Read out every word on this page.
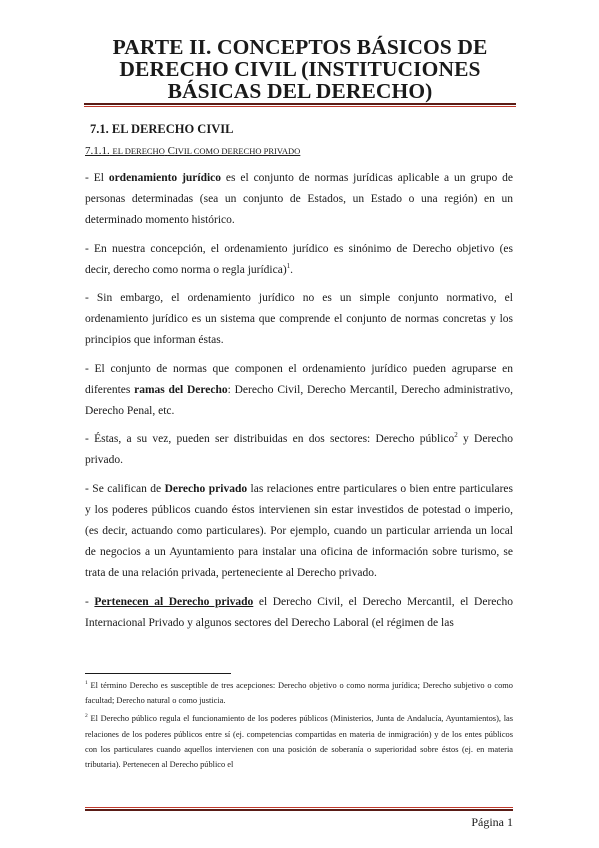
PARTE II. CONCEPTOS BÁSICOS DE
DERECHO CIVIL (INSTITUCIONES
BÁSICAS DEL DERECHO)
7.1. EL DERECHO CIVIL
7.1.1. EL DERECHO CIVIL COMO DERECHO PRIVADO

- El ordenamiento jurídico es el conjunto de normas jurídicas aplicable a un grupo de personas determinadas (sea un conjunto de Estados, un Estado o una región) en un determinado momento histórico.

- En nuestra concepción, el ordenamiento jurídico es sinónimo de Derecho objetivo (es decir, derecho como norma o regla jurídica)$^1$.

- Sin embargo, el ordenamiento jurídico no es un simple conjunto normativo, el ordenamiento jurídico es un sistema que comprende el conjunto de normas concretas y los principios que informan éstas.

- El conjunto de normas que componen el ordenamiento jurídico pueden agruparse en diferentes ramas del Derecho: Derecho Civil, Derecho Mercantil, Derecho administrativo, Derecho Penal, etc.

- Éstas, a su vez, pueden ser distribuidas en dos sectores: Derecho público$^2$ y Derecho privado.

- Se califican de Derecho privado las relaciones entre particulares o bien entre particulares y los poderes públicos cuando éstos intervienen sin estar investidos de potestad o imperio, (es decir, actuando como particulares). Por ejemplo, cuando un particular arrienda un local de negocios a un Ayuntamiento para instalar una oficina de información sobre turismo, se trata de una relación privada, perteneciente al Derecho privado.

- Pertenecen al Derecho privado el Derecho Civil, el Derecho Mercantil, el Derecho Internacional Privado y algunos sectores del Derecho Laboral (el régimen de las

$^1$ El término Derecho es susceptible de tres acepciones: Derecho objetivo o como norma jurídica; Derecho subjetivo o como facultad; Derecho natural o como justicia.

$^2$ El Derecho público regula el funcionamiento de los poderes públicos (Ministerios, Junta de Andalucía, Ayuntamientos), las relaciones de los poderes públicos entre sí (ej. competencias compartidas en materia de inmigración) y de los entes públicos con los particulares cuando aquellos intervienen con una posición de soberanía o superioridad sobre éstos (ej. en materia tributaria). Pertenecen al Derecho público el

Página 1
